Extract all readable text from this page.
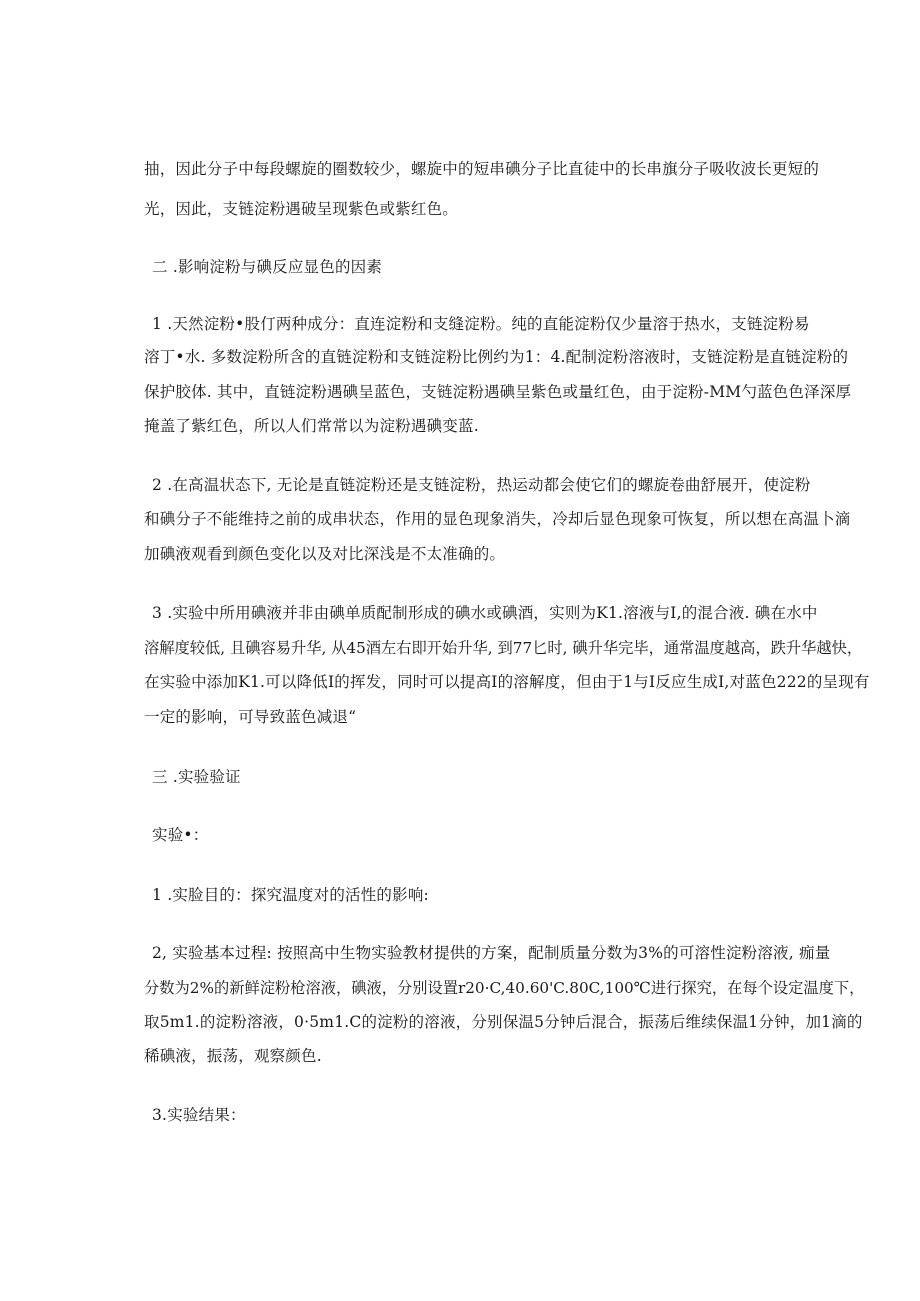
抽，因此分子中每段螺旋的圈数较少，螺旋中的短串碘分子比直徒中的长串旗分子吸收波长更短的
光，因此，支链淀粉遇破呈现紫色或紫红色。
二 .影响淀粉与碘反应显色的因素
1 .天然淀粉•股仃两种成分：直连淀粉和支缝淀粉。纯的直能淀粉仅少量溶于热水，支链淀粉易
溶丁•水. 多数淀粉所含的直链淀粉和支链淀粉比例约为1：4.配制淀粉溶液时，支链淀粉是直链淀粉的
保护胶体. 其中，直链淀粉遇碘呈蓝色，支链淀粉遇碘呈紫色或量红色，由于淀粉-MM勺蓝色色泽深厚
掩盖了紫红色，所以人们常常以为淀粉遇碘变蓝.
2 .在高温状态下, 无论是直链淀粉还是支链淀粉，热运动都会使它们的螺旋卷曲舒展开，使淀粉
和碘分子不能维持之前的成串状态，作用的显色现象消失，冷却后显色现象可恢复，所以想在高温卜滴
加碘液观看到颜色变化以及对比深浅是不太准确的。
3 .实验中所用碘液并非由碘单质配制形成的碘水或碘酒，实则为K1.溶液与I,的混合液. 碘在水中
溶解度较低, 且碘容易升华, 从45酒左右即开始升华, 到77匕时, 碘升华完毕，通常温度越高，跌升华越快，
在实验中添加K1.可以降低I的挥发，同时可以提高I的溶解度，但由于1与I反应生成I,对蓝色222的呈现有
一定的影响，可导致蓝色减退“
三 .实验验证
实验•：
1 .实脸目的：探究温度对的活性的影响:
2, 实验基本过程: 按照高中生物实验教材提供的方案，配制质量分数为3%的可溶性淀粉溶液, 痂量
分数为2%的新鲜淀粉枪溶液，碘液，分别设置r20·C,40.60'C.80C,100℃进行探究，在每个设定温度下，
取5m1.的淀粉溶液，0·5m1.C的淀粉的溶液，分别保温5分钟后混合，振荡后维续保温1分钟，加1滴的
稀碘液，振荡，观察颜色.
3.实验结果：
